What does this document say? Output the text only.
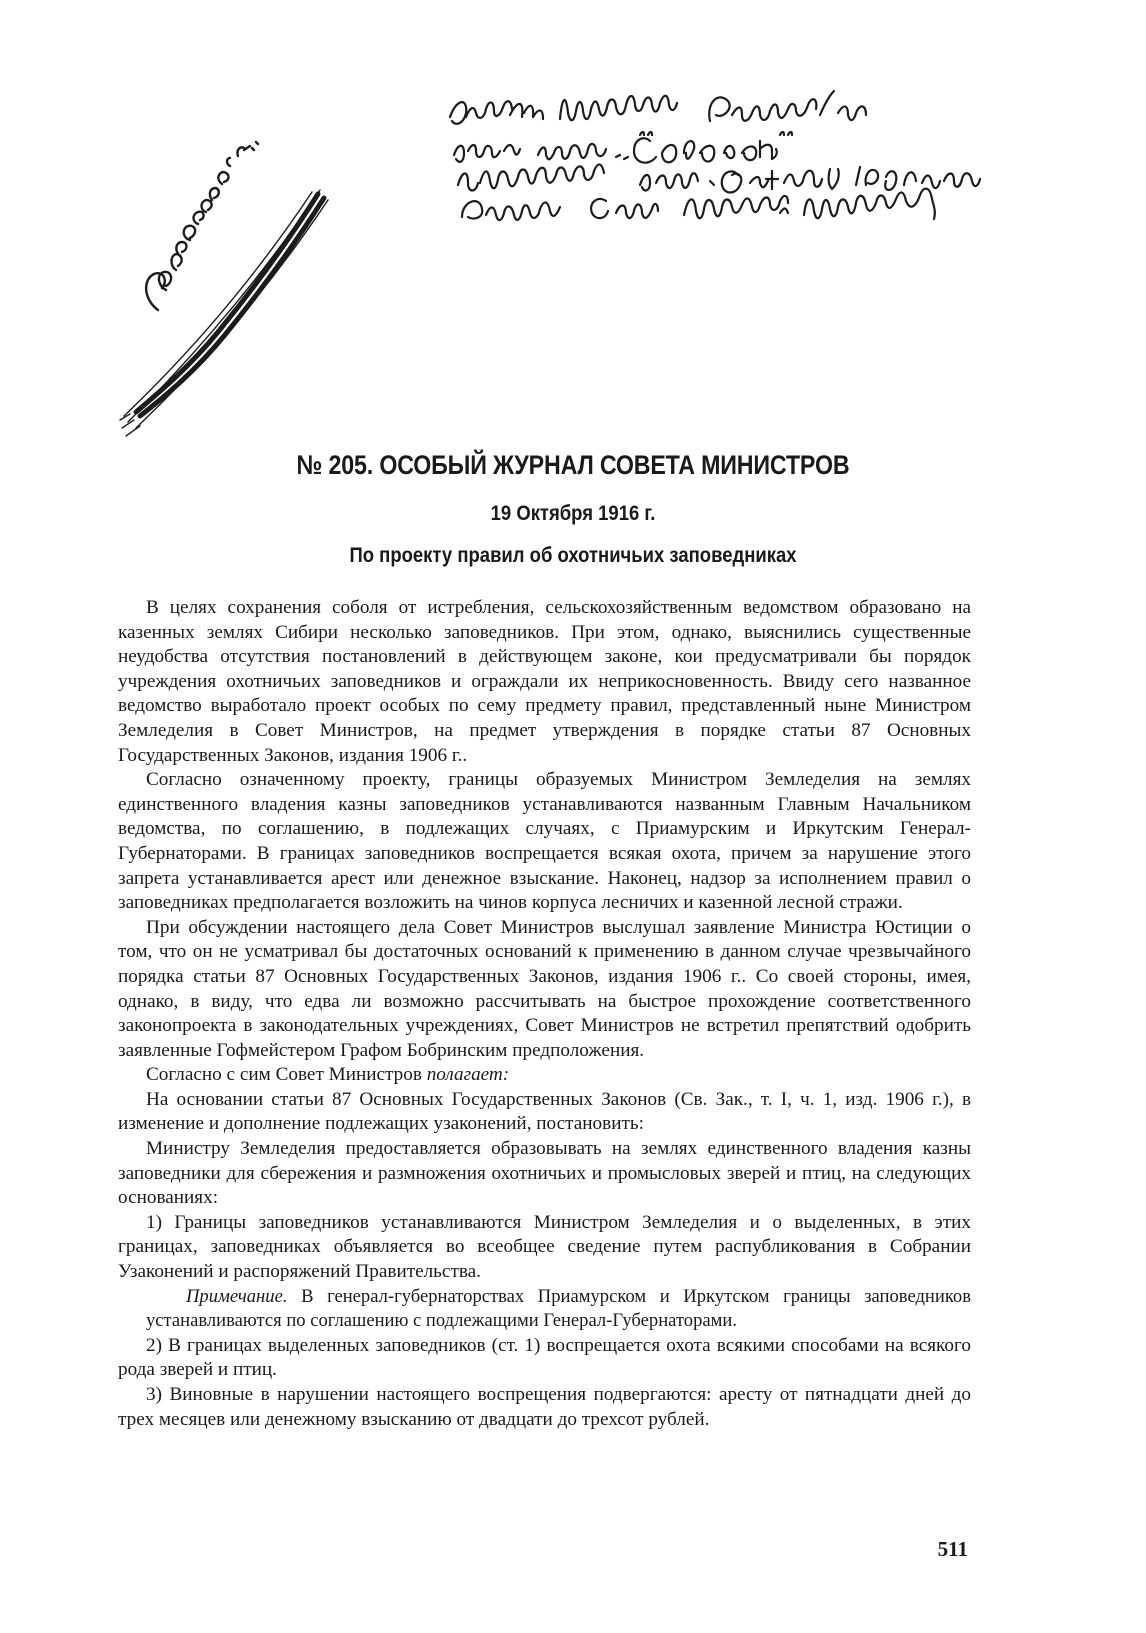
№ 205. ОСОБЫЙ ЖУРНАЛ СОВЕТА МИНИСТРОВ
19 Октября 1916 г.
По проекту правил об охотничьих заповедниках

В целях сохранения соболя от истребления, сельскохозяйственным ведомством образовано на казенных землях Сибири несколько заповедников. При этом, однако, выяснились существенные неудобства отсутствия постановлений в действующем законе, кои предусматривали бы порядок учреждения охотничьих заповедников и ограждали их неприкосновенность. Ввиду сего названное ведомство выработало проект особых по сему предмету правил, представленный ныне Министром Земледелия в Совет Министров, на предмет утверждения в порядке статьи 87 Основных Государственных Законов, издания 1906 г..

Согласно означенному проекту, границы образуемых Министром Земледелия на землях единственного владения казны заповедников устанавливаются названным Главным Начальником ведомства, по соглашению, в подлежащих случаях, с Приамурским и Иркутским Генерал-Губернаторами. В границах заповедников воспрещается всякая охота, причем за нарушение этого запрета устанавливается арест или денежное взыскание. Наконец, надзор за исполнением правил о заповедниках предполагается возложить на чинов корпуса лесничих и казенной лесной стражи.

При обсуждении настоящего дела Совет Министров выслушал заявление Министра Юстиции о том, что он не усматривал бы достаточных оснований к применению в данном случае чрезвычайного порядка статьи 87 Основных Государственных Законов, издания 1906 г.. Со своей стороны, имея, однако, в виду, что едва ли возможно рассчитывать на быстрое прохождение соответственного законопроекта в законодательных учреждениях, Совет Министров не встретил препятствий одобрить заявленные Гофмейстером Графом Бобринским предположения.

Согласно с сим Совет Министров полагает:

На основании статьи 87 Основных Государственных Законов (Св. Зак., т. I, ч. 1, изд. 1906 г.), в изменение и дополнение подлежащих узаконений, постановить:

Министру Земледелия предоставляется образовывать на землях единственного владения казны заповедники для сбережения и размножения охотничьих и промысловых зверей и птиц, на следующих основаниях:

1) Границы заповедников устанавливаются Министром Земледелия и о выделенных, в этих границах, заповедниках объявляется во всеобщее сведение путем распубликования в Собрании Узаконений и распоряжений Правительства.

Примечание. В генерал-губернаторствах Приамурском и Иркутском границы заповедников устанавливаются по соглашению с подлежащими Генерал-Губернаторами.

2) В границах выделенных заповедников (ст. 1) воспрещается охота всякими способами на всякого рода зверей и птиц.

3) Виновные в нарушении настоящего воспрещения подвергаются: аресту от пятнадцати дней до трех месяцев или денежному взысканию от двадцати до трехсот рублей.

511
